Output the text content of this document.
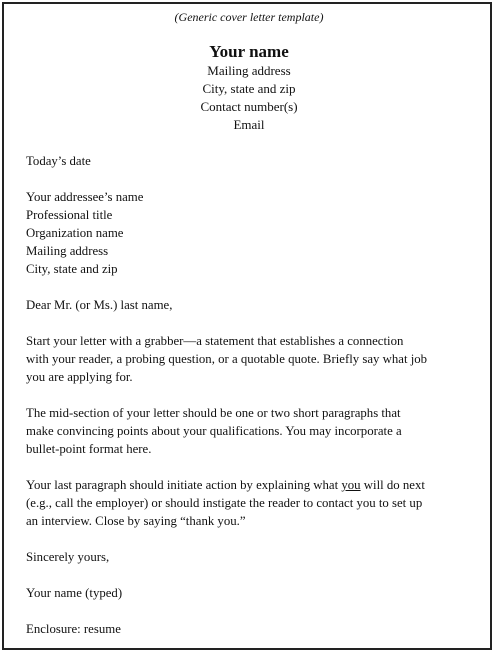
(Generic cover letter template)
Your name
Mailing address
City, state and zip
Contact number(s)
Email
Today’s date
Your addressee’s name
Professional title
Organization name
Mailing address
City, state and zip
Dear Mr. (or Ms.) last name,
Start your letter with a grabber—a statement that establishes a connection
with your reader, a probing question, or a quotable quote. Briefly say what job
you are applying for.
The mid-section of your letter should be one or two short paragraphs that
make convincing points about your qualifications. You may incorporate a
bullet-point format here.
Your last paragraph should initiate action by explaining what you will do next
(e.g., call the employer) or should instigate the reader to contact you to set up
an interview. Close by saying “thank you.”
Sincerely yours,
Your name (typed)
Enclosure: resume
